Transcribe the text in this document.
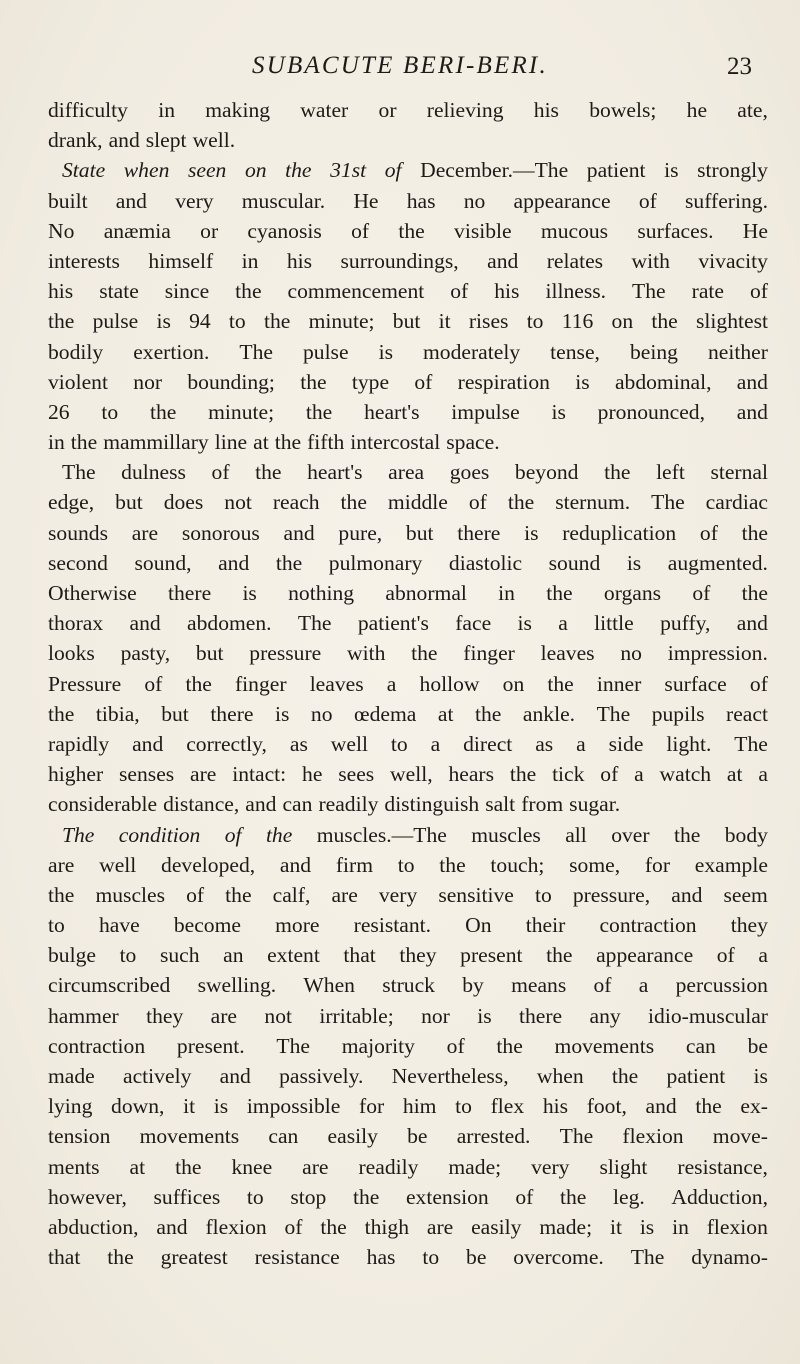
SUBACUTE BERI-BERI.	23
difficulty in making water or relieving his bowels; he ate,
drank, and slept well.
State when seen on the 31st of December.—The patient is strongly
built and very muscular. He has no appearance of suffering.
No anæmia or cyanosis of the visible mucous surfaces. He
interests himself in his surroundings, and relates with vivacity
his state since the commencement of his illness. The rate of
the pulse is 94 to the minute; but it rises to 116 on the slightest
bodily exertion. The pulse is moderately tense, being neither
violent nor bounding; the type of respiration is abdominal, and
26 to the minute; the heart's impulse is pronounced, and
in the mammillary line at the fifth intercostal space.
The dulness of the heart's area goes beyond the left sternal
edge, but does not reach the middle of the sternum. The cardiac
sounds are sonorous and pure, but there is reduplication of the
second sound, and the pulmonary diastolic sound is augmented.
Otherwise there is nothing abnormal in the organs of the
thorax and abdomen. The patient's face is a little puffy, and
looks pasty, but pressure with the finger leaves no impression.
Pressure of the finger leaves a hollow on the inner surface of
the tibia, but there is no œdema at the ankle. The pupils react
rapidly and correctly, as well to a direct as a side light. The
higher senses are intact: he sees well, hears the tick of a watch at a
considerable distance, and can readily distinguish salt from sugar.
The condition of the muscles.—The muscles all over the body
are well developed, and firm to the touch; some, for example
the muscles of the calf, are very sensitive to pressure, and seem
to have become more resistant. On their contraction they
bulge to such an extent that they present the appearance of a
circumscribed swelling. When struck by means of a percussion
hammer they are not irritable; nor is there any idio-muscular
contraction present. The majority of the movements can be
made actively and passively. Nevertheless, when the patient is
lying down, it is impossible for him to flex his foot, and the ex-
tension movements can easily be arrested. The flexion move-
ments at the knee are readily made; very slight resistance,
however, suffices to stop the extension of the leg. Adduction,
abduction, and flexion of the thigh are easily made; it is in flexion
that the greatest resistance has to be overcome. The dynamo-
